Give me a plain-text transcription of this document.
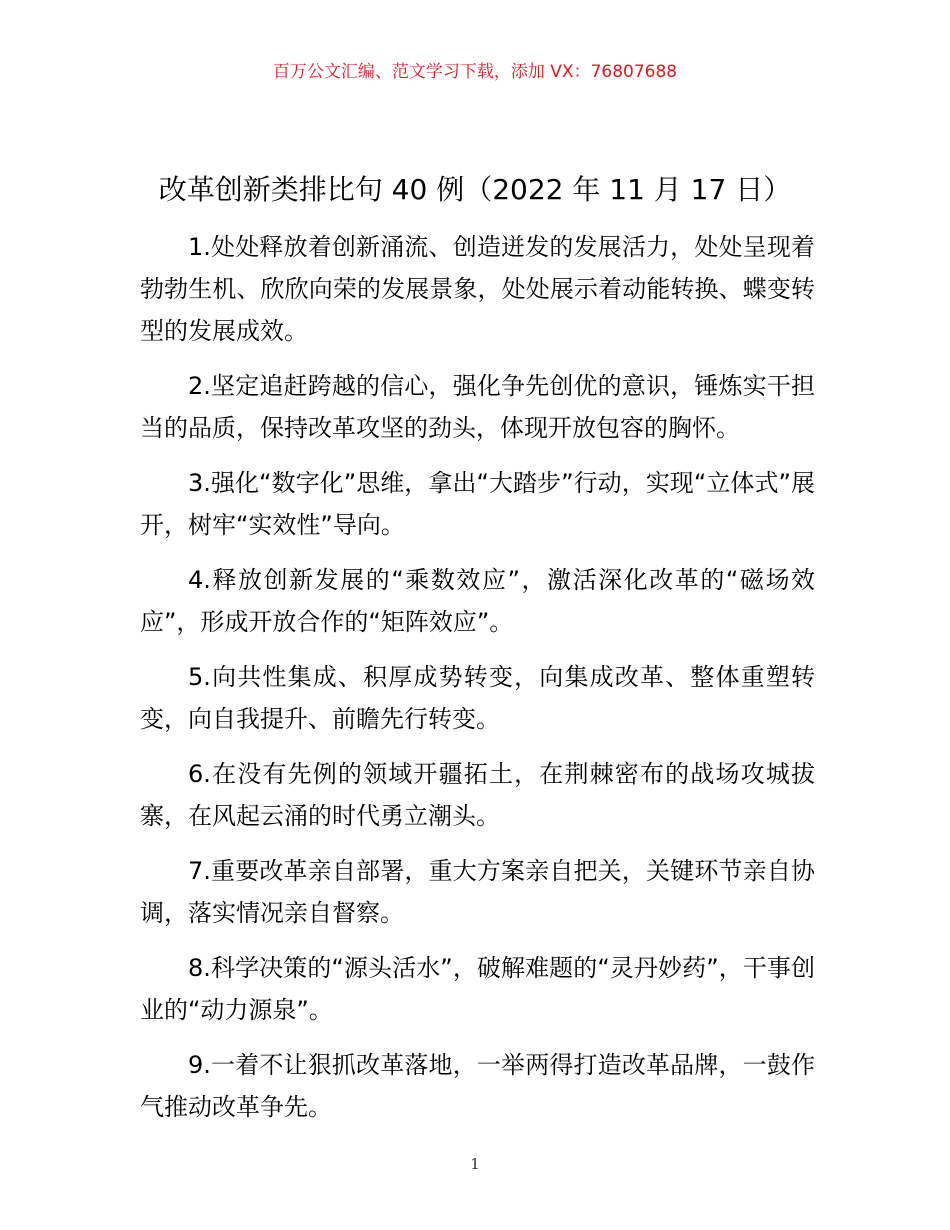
百万公文汇编、范文学习下载，添加 VX：76807688
改革创新类排比句 40 例（2022 年 11 月 17 日）

1.处处释放着创新涌流、创造迸发的发展活力，处处呈现着勃勃生机、欣欣向荣的发展景象，处处展示着动能转换、蝶变转型的发展成效。

2.坚定追赶跨越的信心，强化争先创优的意识，锤炼实干担当的品质，保持改革攻坚的劲头，体现开放包容的胸怀。

3.强化“数字化”思维，拿出“大踏步”行动，实现“立体式”展开，树牢“实效性”导向。

4.释放创新发展的“乘数效应”，激活深化改革的“磁场效应”，形成开放合作的“矩阵效应”。

5.向共性集成、积厚成势转变，向集成改革、整体重塑转变，向自我提升、前瞻先行转变。

6.在没有先例的领域开疆拓土，在荆棘密布的战场攻城拔寨，在风起云涌的时代勇立潮头。

7.重要改革亲自部署，重大方案亲自把关，关键环节亲自协调，落实情况亲自督察。

8.科学决策的“源头活水”，破解难题的“灵丹妙药”，干事创业的“动力源泉”。

9.一着不让狠抓改革落地，一举两得打造改革品牌，一鼓作气推动改革争先。

1
